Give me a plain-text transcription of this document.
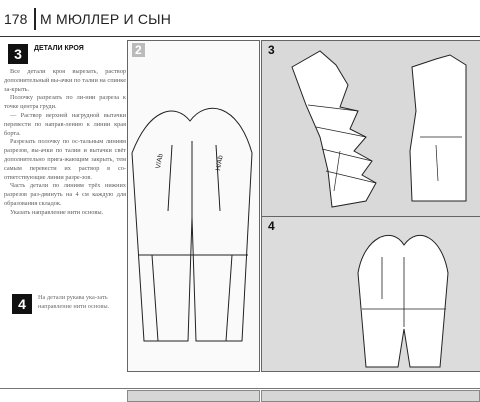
178 М МЮЛЛЕР И СЫН
3	ДЕТАЛИ КРОЯ

Все детали кроя вырезать, раствор дополнительный вы-ачки по талии на спинке за-крыть.

Полочку разрезать по ли-нии разреза к точке центра груди.

— Раствор верхней нагрудной вытачки перевести по направ-лению к линии края борта.

Разрезать полочку по ос-тальным линиям разрезов, вы-ачки по талии и вытачки свёт дополнительно прига-жающим закрыть, тем самым перевести их раствор в со-ответствующие линии разре-зов.

Часть детали по линиям трёх нижних разрезов раз-двинуть на 4 см каждую для образования складок.

Указать направление нити основы.

4	На детали рукава ука-зать направление нити основы.
2
V/Ab	H/Ab
3
4
